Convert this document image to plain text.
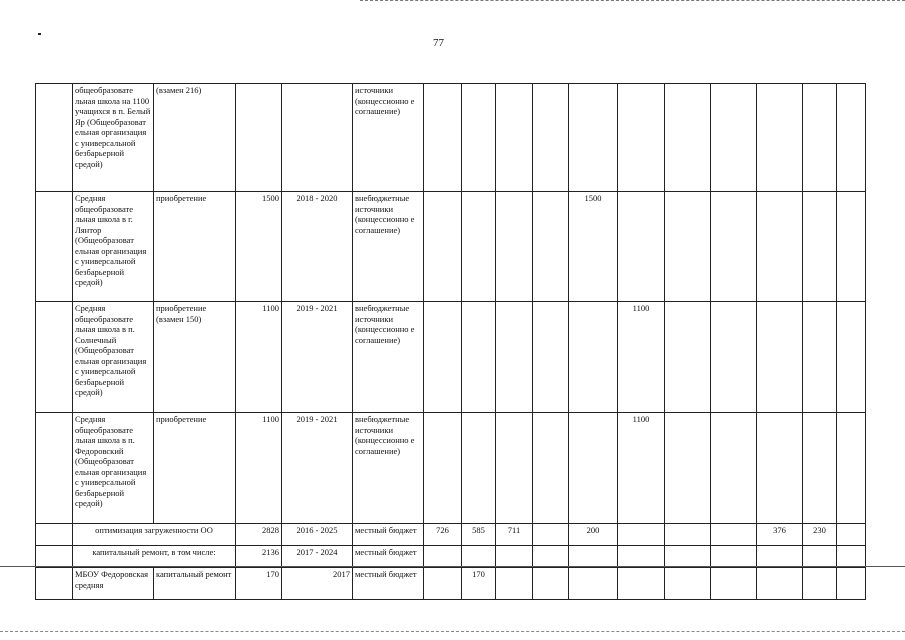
77
	общеобразовате льная школа на 1100 учащихся в п. Белый Яр (Общеобразоват ельная организация с универсальной безбарьерной средой)	(взамен 216)			источники (концессионно е соглашение)											
	Средняя общеобразовате льная школа в г. Лянтор (Общеобразоват ельная организация с универсальной безбарьерной средой)	приобретение	1500	2018 - 2020	внебюджетные источники (концессионно е соглашение)					1500						
	Средняя общеобразовате льная школа в п. Солнечный (Общеобразоват ельная организация с универсальной безбарьерной средой)	приобретение (взамен 150)	1100	2019 - 2021	внебюджетные источники (концессионно е соглашение)						1100					
	Средняя общеобразовате льная школа в п. Федоровский (Общеобразоват ельная организация с универсальной безбарьерной средой)	приобретение	1100	2019 - 2021	внебюджетные источники (концессионно е соглашение)						1100					
	оптимизация загруженности ОО		2828	2016 - 2025	местный бюджет	726	585	711		200				376	230	
	капитальный ремонт, в том числе:		2136	2017 - 2024	местный бюджет											
	МБОУ Федоровская средняя	капитальный ремонт	170	2017	местный бюджет		170									
